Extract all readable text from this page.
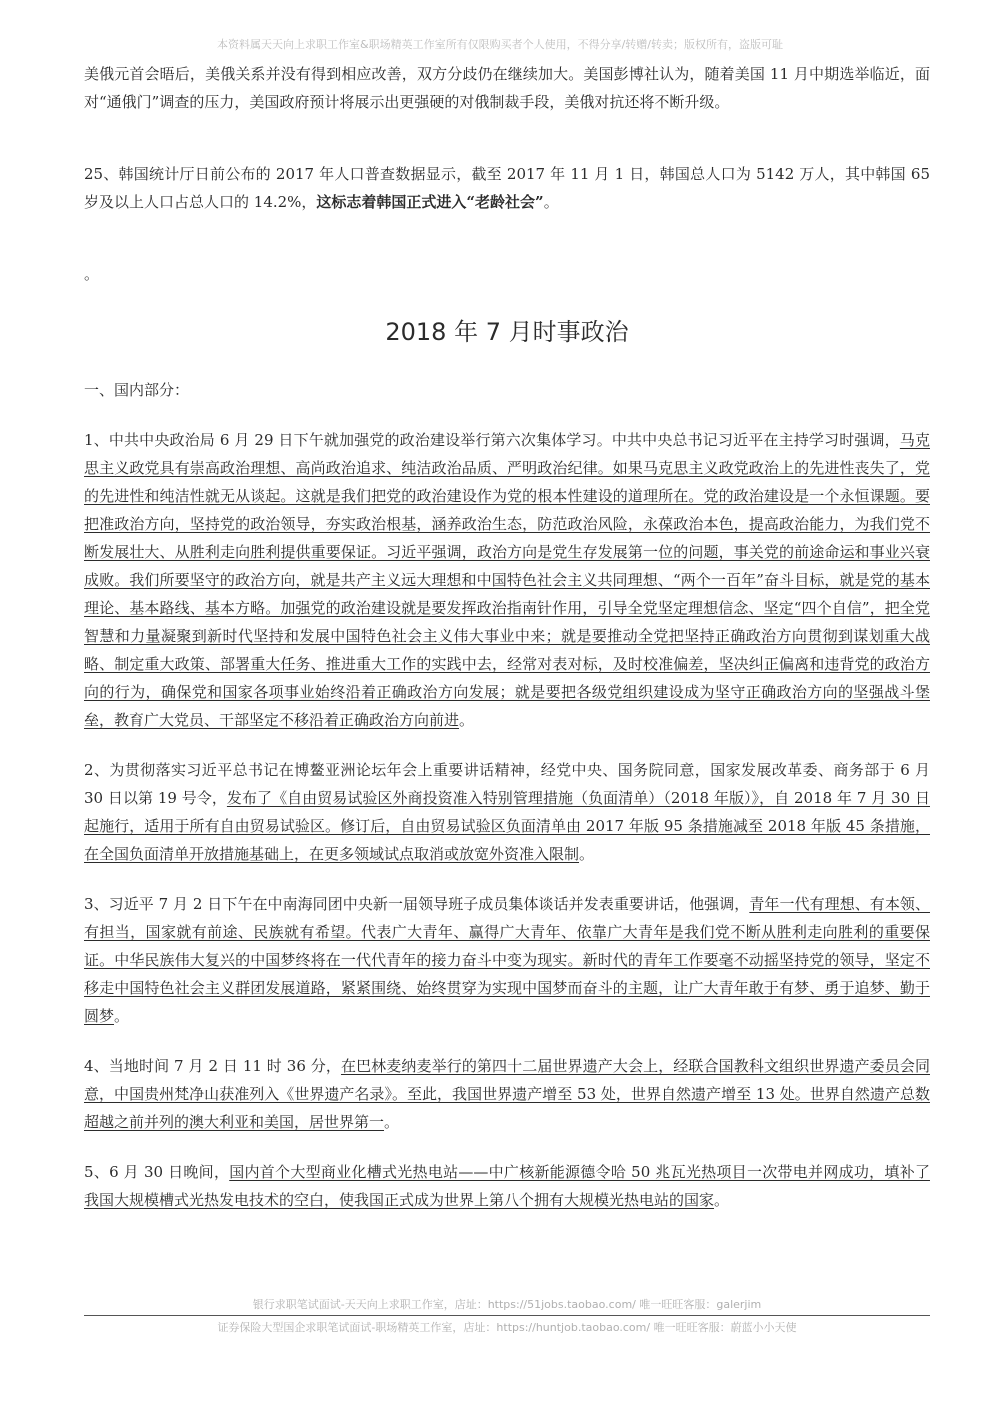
本资料属天天向上求职工作室&职场精英工作室所有仅限购买者个人使用，不得分享/转赠/转卖；版权所有，盗版可耻

美俄元首会晤后，美俄关系并没有得到相应改善，双方分歧仍在继续加大。美国彭博社认为，随着美国 11 月中期选举临近，面对“通俄门”调查的压力，美国政府预计将展示出更强硬的对俄制裁手段，美俄对抗还将不断升级。

25、韩国统计厅日前公布的 2017 年人口普查数据显示，截至 2017 年 11 月 1 日，韩国总人口为 5142 万人，其中韩国 65 岁及以上人口占总人口的 14.2%，这标志着韩国正式进入“老龄社会”。

。

2018 年 7 月时事政治

一、国内部分：

1、中共中央政治局 6 月 29 日下午就加强党的政治建设举行第六次集体学习。中共中央总书记习近平在主持学习时强调，马克思主义政党具有崇高政治理想、高尚政治追求、纯洁政治品质、严明政治纪律。如果马克思主义政党政治上的先进性丧失了，党的先进性和纯洁性就无从谈起。这就是我们把党的政治建设作为党的根本性建设的道理所在。党的政治建设是一个永恒课题。要把准政治方向，坚持党的政治领导，夯实政治根基，涵养政治生态，防范政治风险，永葆政治本色，提高政治能力，为我们党不断发展壮大、从胜利走向胜利提供重要保证。习近平强调，政治方向是党生存发展第一位的问题，事关党的前途命运和事业兴衰成败。我们所要坚守的政治方向，就是共产主义远大理想和中国特色社会主义共同理想、“两个一百年”奋斗目标，就是党的基本理论、基本路线、基本方略。加强党的政治建设就是要发挥政治指南针作用，引导全党坚定理想信念、坚定“四个自信”，把全党智慧和力量凝聚到新时代坚持和发展中国特色社会主义伟大事业中来；就是要推动全党把坚持正确政治方向贯彻到谋划重大战略、制定重大政策、部署重大任务、推进重大工作的实践中去，经常对表对标，及时校准偏差，坚决纠正偏离和违背党的政治方向的行为，确保党和国家各项事业始终沿着正确政治方向发展；就是要把各级党组织建设成为坚守正确政治方向的坚强战斗堡垒，教育广大党员、干部坚定不移沿着正确政治方向前进。

2、为贯彻落实习近平总书记在博鳌亚洲论坛年会上重要讲话精神，经党中央、国务院同意，国家发展改革委、商务部于 6 月 30 日以第 19 号令，发布了《自由贸易试验区外商投资准入特别管理措施（负面清单）（2018 年版）》，自 2018 年 7 月 30 日起施行，适用于所有自由贸易试验区。修订后，自由贸易试验区负面清单由 2017 年版 95 条措施减至 2018 年版 45 条措施，在全国负面清单开放措施基础上，在更多领域试点取消或放宽外资准入限制。

3、习近平 7 月 2 日下午在中南海同团中央新一届领导班子成员集体谈话并发表重要讲话，他强调，青年一代有理想、有本领、有担当，国家就有前途、民族就有希望。代表广大青年、赢得广大青年、依靠广大青年是我们党不断从胜利走向胜利的重要保证。中华民族伟大复兴的中国梦终将在一代代青年的接力奋斗中变为现实。新时代的青年工作要毫不动摇坚持党的领导，坚定不移走中国特色社会主义群团发展道路，紧紧围绕、始终贯穿为实现中国梦而奋斗的主题，让广大青年敢于有梦、勇于追梦、勤于圆梦。

4、当地时间 7 月 2 日 11 时 36 分，在巴林麦纳麦举行的第四十二届世界遗产大会上，经联合国教科文组织世界遗产委员会同意，中国贵州梵净山获准列入《世界遗产名录》。至此，我国世界遗产增至 53 处，世界自然遗产增至 13 处。世界自然遗产总数超越之前并列的澳大利亚和美国，居世界第一。

5、6 月 30 日晚间，国内首个大型商业化槽式光热电站——中广核新能源德令哈 50 兆瓦光热项目一次带电并网成功，填补了我国大规模槽式光热发电技术的空白，使我国正式成为世界上第八个拥有大规模光热电站的国家。

银行求职笔试面试-天天向上求职工作室，店址：https://51jobs.taobao.com/ 唯一旺旺客服：galerjim
证券保险大型国企求职笔试面试-职场精英工作室，店址：https://huntjob.taobao.com/ 唯一旺旺客服：蔚蓝小小天使
